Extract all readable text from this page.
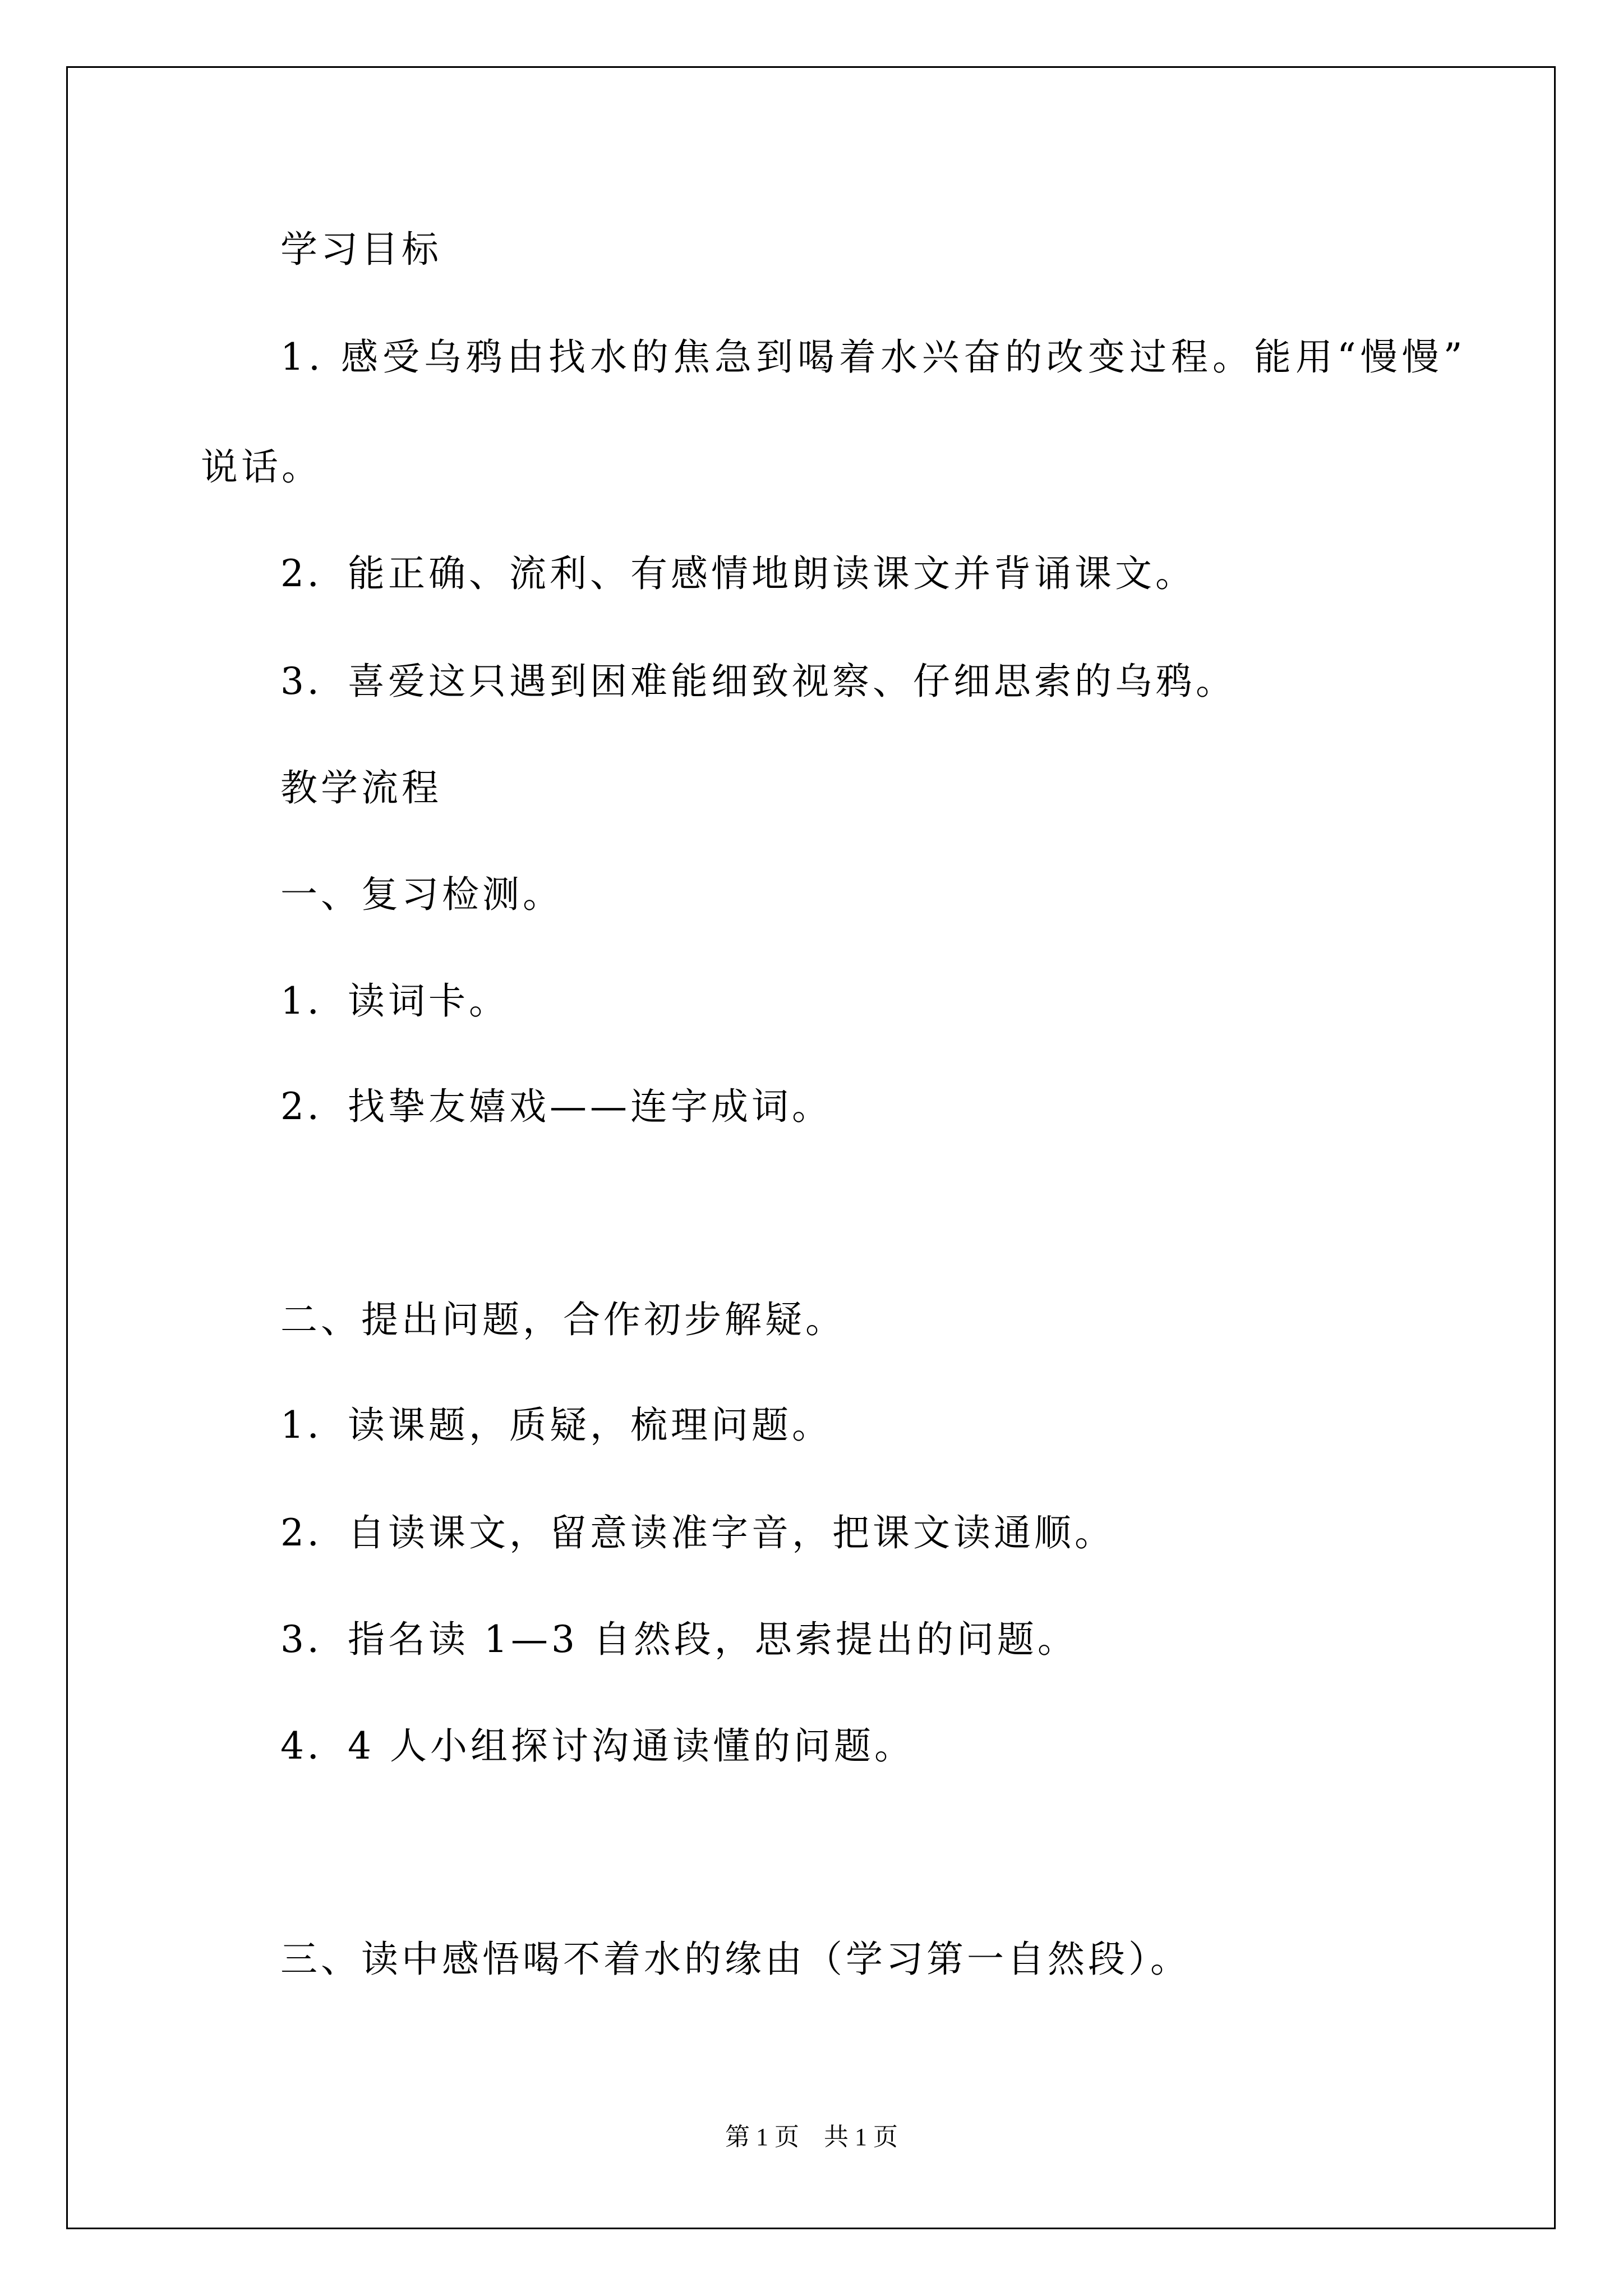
学习目标
1. 感受乌鸦由找水的焦急到喝着水兴奋的改变过程。能用“慢慢”
说话。
2．能正确、流利、有感情地朗读课文并背诵课文。
3．喜爱这只遇到困难能细致视察、仔细思索的乌鸦。
教学流程
一、复习检测。
1．读词卡。
2．找挚友嬉戏——连字成词。
二、提出问题，合作初步解疑。
1．读课题，质疑，梳理问题。
2．自读课文，留意读准字音，把课文读通顺。
3．指名读 1—3 自然段，思索提出的问题。
4．4 人小组探讨沟通读懂的问题。
三、读中感悟喝不着水的缘由（学习第一自然段）。
第 1 页　共 1 页
